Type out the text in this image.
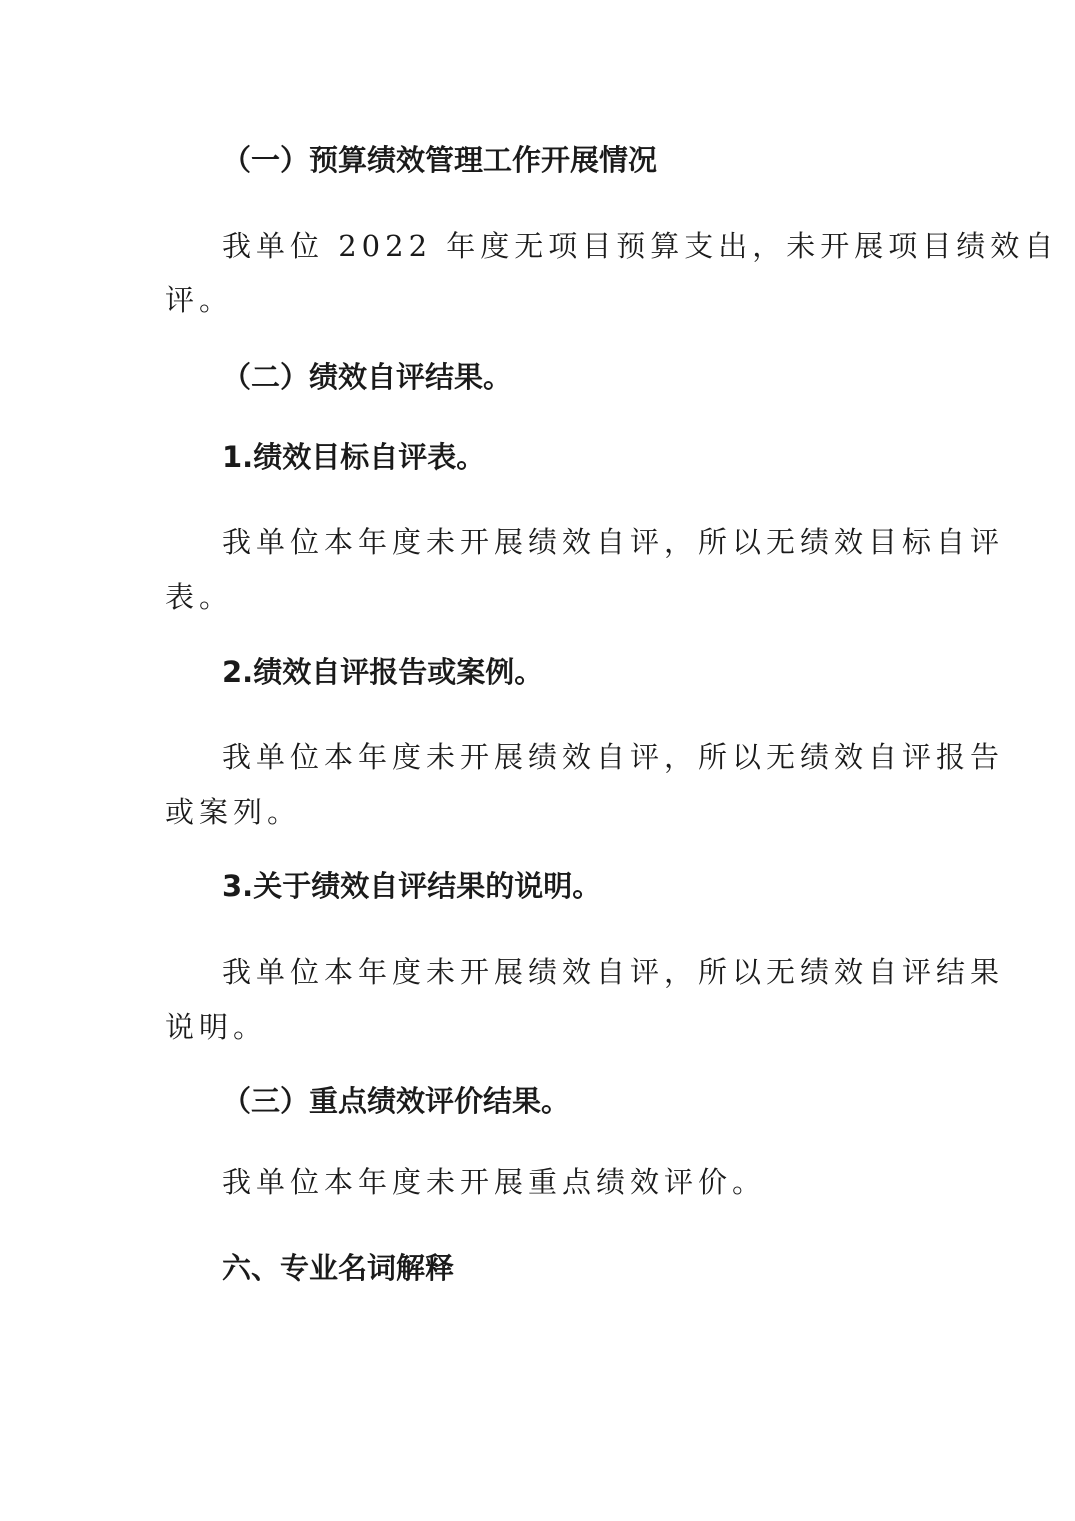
（一）预算绩效管理工作开展情况
我单位 2022 年度无项目预算支出，未开展项目绩效自
评。
（二）绩效自评结果。
1.绩效目标自评表。
我单位本年度未开展绩效自评，所以无绩效目标自评
表。
2.绩效自评报告或案例。
我单位本年度未开展绩效自评，所以无绩效自评报告
或案列。
3.关于绩效自评结果的说明。
我单位本年度未开展绩效自评，所以无绩效自评结果
说明。
（三）重点绩效评价结果。
我单位本年度未开展重点绩效评价。
六、专业名词解释
